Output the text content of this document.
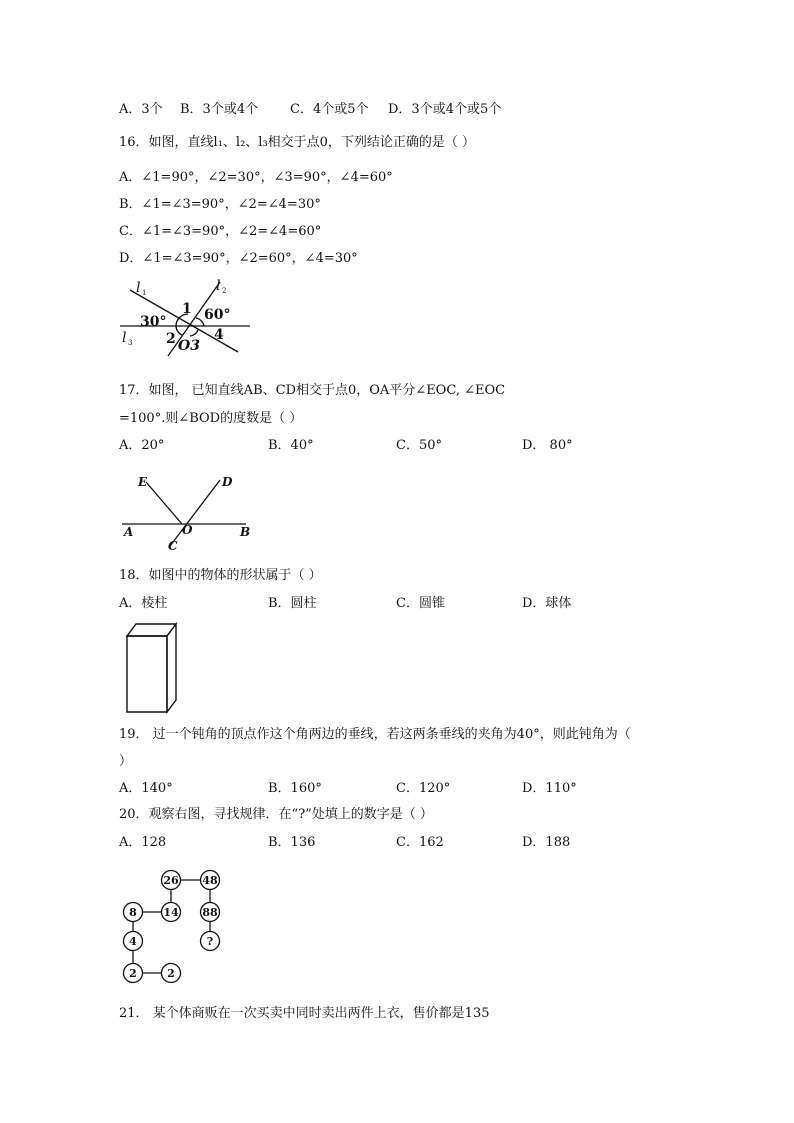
A．3个 B．3个或4个 C．4个或5个 D．3个或4个或5个
16．如图，直线l₁、l₂、l₃相交于点0，下列结论正确的是（ ）
A．∠1=90°，∠2=30°，∠3=90°，∠4=60°
B．∠1=∠3=90°，∠2=∠4=30°
C．∠1=∠3=90°，∠2=∠4=60°
D．∠1=∠3=90°，∠2=60°，∠4=30°
l 1	l 2
l 3
30°	60°
1
2 O3
4
17．如图， 已知直线AB、CD相交于点0，OA平分∠EOC, ∠EOC
=100°.则∠BOD的度数是（ ）
A．20°	B．40°	C．50°	D． 80°
E	D
A	O	B
C
18．如图中的物体的形状属于（ ）
A．棱柱	B．圆柱	C．圆锥	D．球体
19． 过一个钝角的顶点作这个角两边的垂线，若这两条垂线的夹角为40°，则此钝角为（
）
A．140°	B．160°	C．120°	D．110°
20．观察右图，寻找规律．在“?”处填上的数字是（ ）
A．128	B．136	C．162	D．188
26 48
8 14 88
?
4
2	2
21． 某个体商贩在一次买卖中同时卖出两件上衣，售价都是135
